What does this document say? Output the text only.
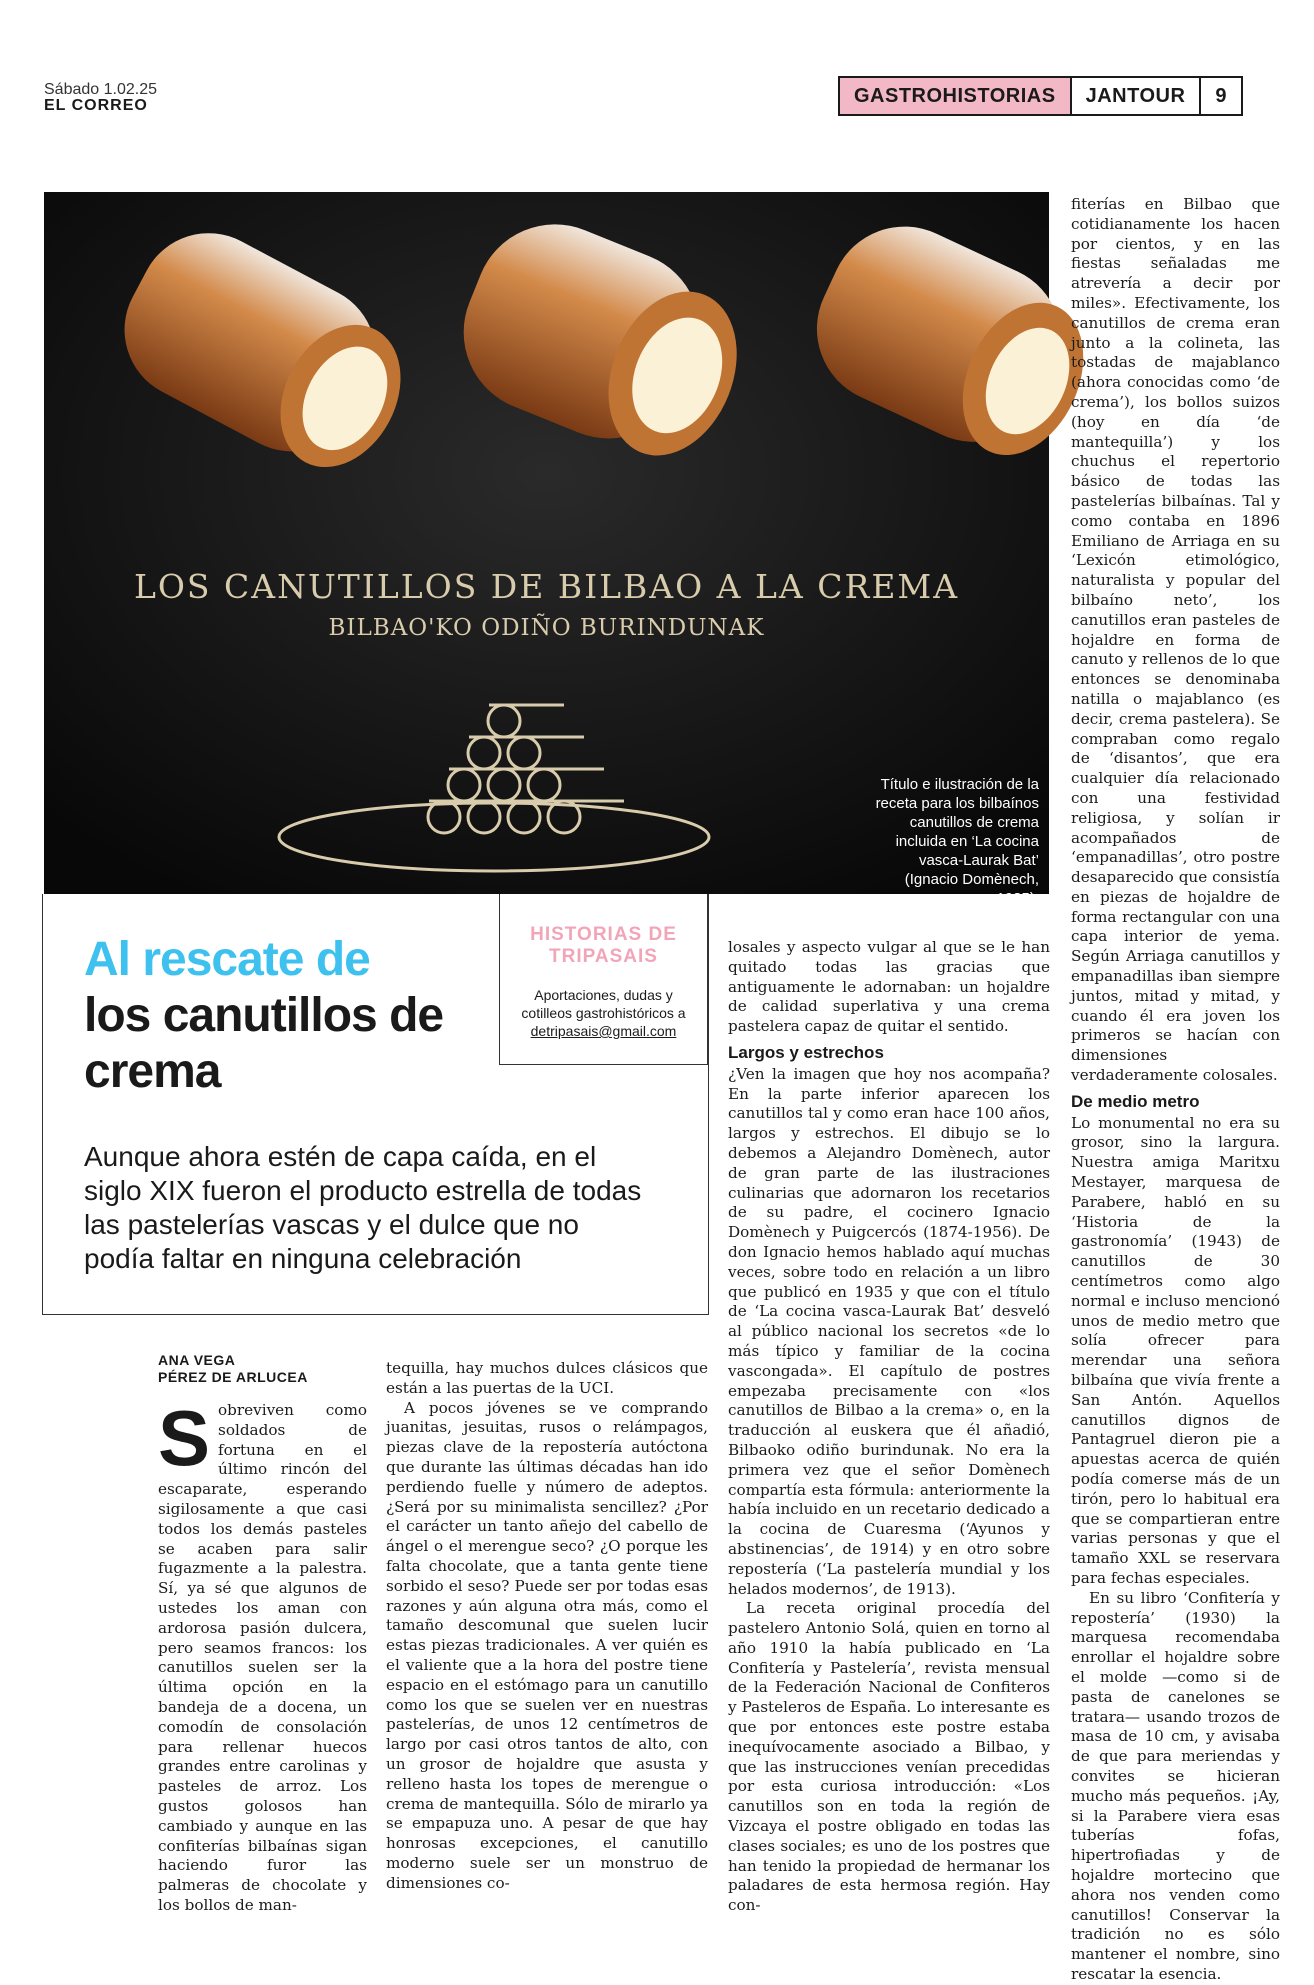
Sábado 1.02.25
EL CORREO	GASTROHISTORIAS	JANTOUR	9
LOS CANUTILLOS DE BILBAO A LA CREMA
BILBAO'KO ODIÑO BURINDUNAK
Título e ilustración de la receta para los bilbaínos canutillos de crema incluida en ‘La cocina vasca-Laurak Bat’ (Ignacio Domènech, 1935).
Al rescate de
los canutillos de crema
Aunque ahora estén de capa caída, en el siglo XIX fueron el producto estrella de todas las pastelerías vascas y el dulce que no podía faltar en ninguna celebración
HISTORIAS DE TRIPASAIS
Aportaciones, dudas y cotilleos gastrohistóricos a
detripasais@gmail.com
ANA VEGA
PÉREZ DE ARLUCEA
S obreviven como soldados de fortuna en el último rincón del escaparate, esperando sigilosamente a que casi todos los demás pasteles se acaben para salir fugazmente a la palestra. Sí, ya sé que algunos de ustedes los aman con ardorosa pasión dulcera, pero seamos francos: los canutillos suelen ser la última opción en la bandeja de a docena, un comodín de consolación para rellenar huecos grandes entre carolinas y pasteles de arroz. Los gustos golosos han cambiado y aunque en las confiterías bilbaínas sigan haciendo furor las palmeras de chocolate y los bollos de man-

tequilla, hay muchos dulces clásicos que están a las puertas de la UCI.

A pocos jóvenes se ve comprando juanitas, jesuitas, rusos o relámpagos, piezas clave de la repostería autóctona que durante las últimas décadas han ido perdiendo fuelle y número de adeptos. ¿Será por su minimalista sencillez? ¿Por el carácter un tanto añejo del cabello de ángel o el merengue seco? ¿O porque les falta chocolate, que a tanta gente tiene sorbido el seso? Puede ser por todas esas razones y aún alguna otra más, como el tamaño descomunal que suelen lucir estas piezas tradicionales. A ver quién es el valiente que a la hora del postre tiene espacio en el estómago para un canutillo como los que se suelen ver en nuestras pastelerías, de unos 12 centímetros de largo por casi otros tantos de alto, con un grosor de hojaldre que asusta y relleno hasta los topes de merengue o crema de mantequilla. Sólo de mirarlo ya se empapuza uno. A pesar de que hay honrosas excepciones, el canutillo moderno suele ser un monstruo de dimensiones co-

losales y aspecto vulgar al que se le han quitado todas las gracias que antiguamente le adornaban: un hojaldre de calidad superlativa y una crema pastelera capaz de quitar el sentido.

Largos y estrechos

¿Ven la imagen que hoy nos acompaña? En la parte inferior aparecen los canutillos tal y como eran hace 100 años, largos y estrechos. El dibujo se lo debemos a Alejandro Domènech, autor de gran parte de las ilustraciones culinarias que adornaron los recetarios de su padre, el cocinero Ignacio Domènech y Puigcercós (1874-1956). De don Ignacio hemos hablado aquí muchas veces, sobre todo en relación a un libro que publicó en 1935 y que con el título de ‘La cocina vasca-Laurak Bat’ desveló al público nacional los secretos «de lo más típico y familiar de la cocina vascongada». El capítulo de postres empezaba precisamente con «los canutillos de Bilbao a la crema» o, en la traducción al euskera que él añadió, Bilbaoko odiño burindunak. No era la primera vez que el señor Domènech compartía esta fórmula: anteriormente la había incluido en un recetario dedicado a la cocina de Cuaresma (‘Ayunos y abstinencias’, de 1914) y en otro sobre repostería (‘La pastelería mundial y los helados modernos’, de 1913).

La receta original procedía del pastelero Antonio Solá, quien en torno al año 1910 la había publicado en ‘La Confitería y Pastelería’, revista mensual de la Federación Nacional de Confiteros y Pasteleros de España. Lo interesante es que por entonces este postre estaba inequívocamente asociado a Bilbao, y que las instrucciones venían precedidas por esta curiosa introducción: «Los canutillos son en toda la región de Vizcaya el postre obligado en todas las clases sociales; es uno de los postres que han tenido la propiedad de hermanar los paladares de esta hermosa región. Hay con-

fiterías en Bilbao que cotidianamente los hacen por cientos, y en las fiestas señaladas me atrevería a decir por miles». Efectivamente, los canutillos de crema eran junto a la colineta, las tostadas de majablanco (ahora conocidas como ‘de crema’), los bollos suizos (hoy en día ‘de mantequilla’) y los chuchus el repertorio básico de todas las pastelerías bilbaínas. Tal y como contaba en 1896 Emiliano de Arriaga en su ‘Lexicón etimológico, naturalista y popular del bilbaíno neto’, los canutillos eran pasteles de hojaldre en forma de canuto y rellenos de lo que entonces se denominaba natilla o majablanco (es decir, crema pastelera). Se compraban como regalo de ‘disantos’, que era cualquier día relacionado con una festividad religiosa, y solían ir acompañados de ‘empanadillas’, otro postre desaparecido que consistía en piezas de hojaldre de forma rectangular con una capa interior de yema. Según Arriaga canutillos y empanadillas iban siempre juntos, mitad y mitad, y cuando él era joven los primeros se hacían con dimensiones verdaderamente colosales.

De medio metro

Lo monumental no era su grosor, sino la largura. Nuestra amiga Maritxu Mestayer, marquesa de Parabere, habló en su ‘Historia de la gastronomía’ (1943) de canutillos de 30 centímetros como algo normal e incluso mencionó unos de medio metro que solía ofrecer para merendar una señora bilbaína que vivía frente a San Antón. Aquellos canutillos dignos de Pantagruel dieron pie a apuestas acerca de quién podía comerse más de un tirón, pero lo habitual era que se compartieran entre varias personas y que el tamaño XXL se reservara para fechas especiales.

En su libro ‘Confitería y repostería’ (1930) la marquesa recomendaba enrollar el hojaldre sobre el molde —como si de pasta de canelones se tratara— usando trozos de masa de 10 cm, y avisaba de que para meriendas y convites se hicieran mucho más pequeños. ¡Ay, si la Parabere viera esas tuberías fofas, hipertrofiadas y de hojaldre mortecino que ahora nos venden como canutillos! Conservar la tradición no es sólo mantener el nombre, sino rescatar la esencia.
